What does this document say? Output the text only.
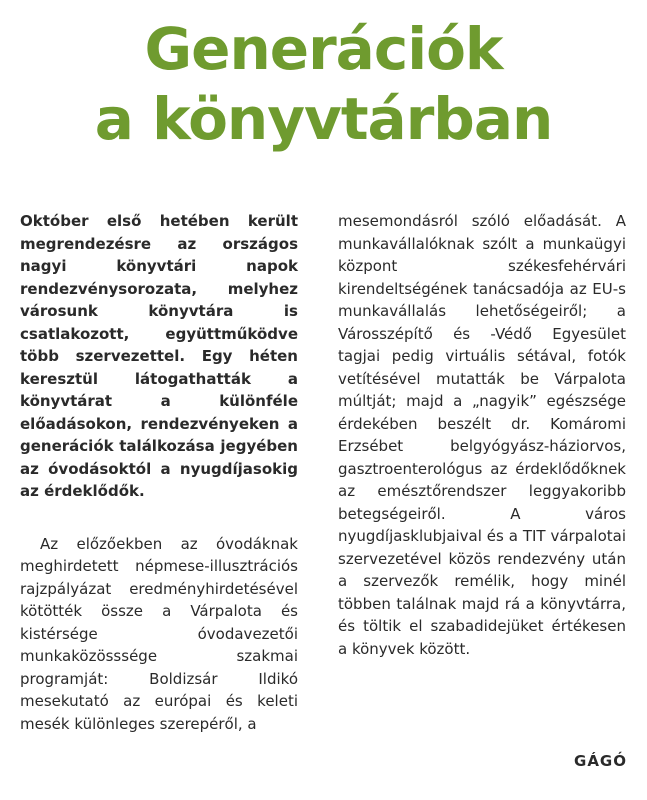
Generációk
a könyvtárban

Október első hetében került megrendezésre az országos nagyi könyvtári napok rendezvénysorozata, melyhez városunk könyvtára is csatlakozott, együttműködve több szervezettel. Egy héten keresztül látogathatták a könyvtárat a különféle előadásokon, rendezvényeken a generációk találkozása jegyében az óvodásoktól a nyugdíjasokig az érdeklődők.

Az előzőekben az óvodáknak meghirdetett népmese-illusztrációs rajzpályázat eredményhirdetésével kötötték össze a Várpalota és kistérsége óvodavezetői munkaközösssége szakmai programját: Boldizsár Ildikó mesekutató az európai és keleti mesék különleges szerepéről, a

mesemondásról szóló előadását. A munkavállalóknak szólt a munkaügyi központ székesfehérvári kirendeltségének tanácsadója az EU-s munkavállalás lehetőségeiről; a Városszépítő és -Védő Egyesület tagjai pedig virtuális sétával, fotók vetítésével mutatták be Várpalota múltját; majd a „nagyik” egészsége érdekében beszélt dr. Komáromi Erzsébet belgyógyász-háziorvos, gasztroenterológus az érdeklődőknek az emésztőrendszer leggyakoribb betegségeiről. A város nyugdíjasklubjaival és a TIT várpalotai szervezetével közös rendezvény után a szervezők remélik, hogy minél többen találnak majd rá a könyvtárra, és töltik el szabadidejüket értékesen a könyvek között.

GÁGÓ
